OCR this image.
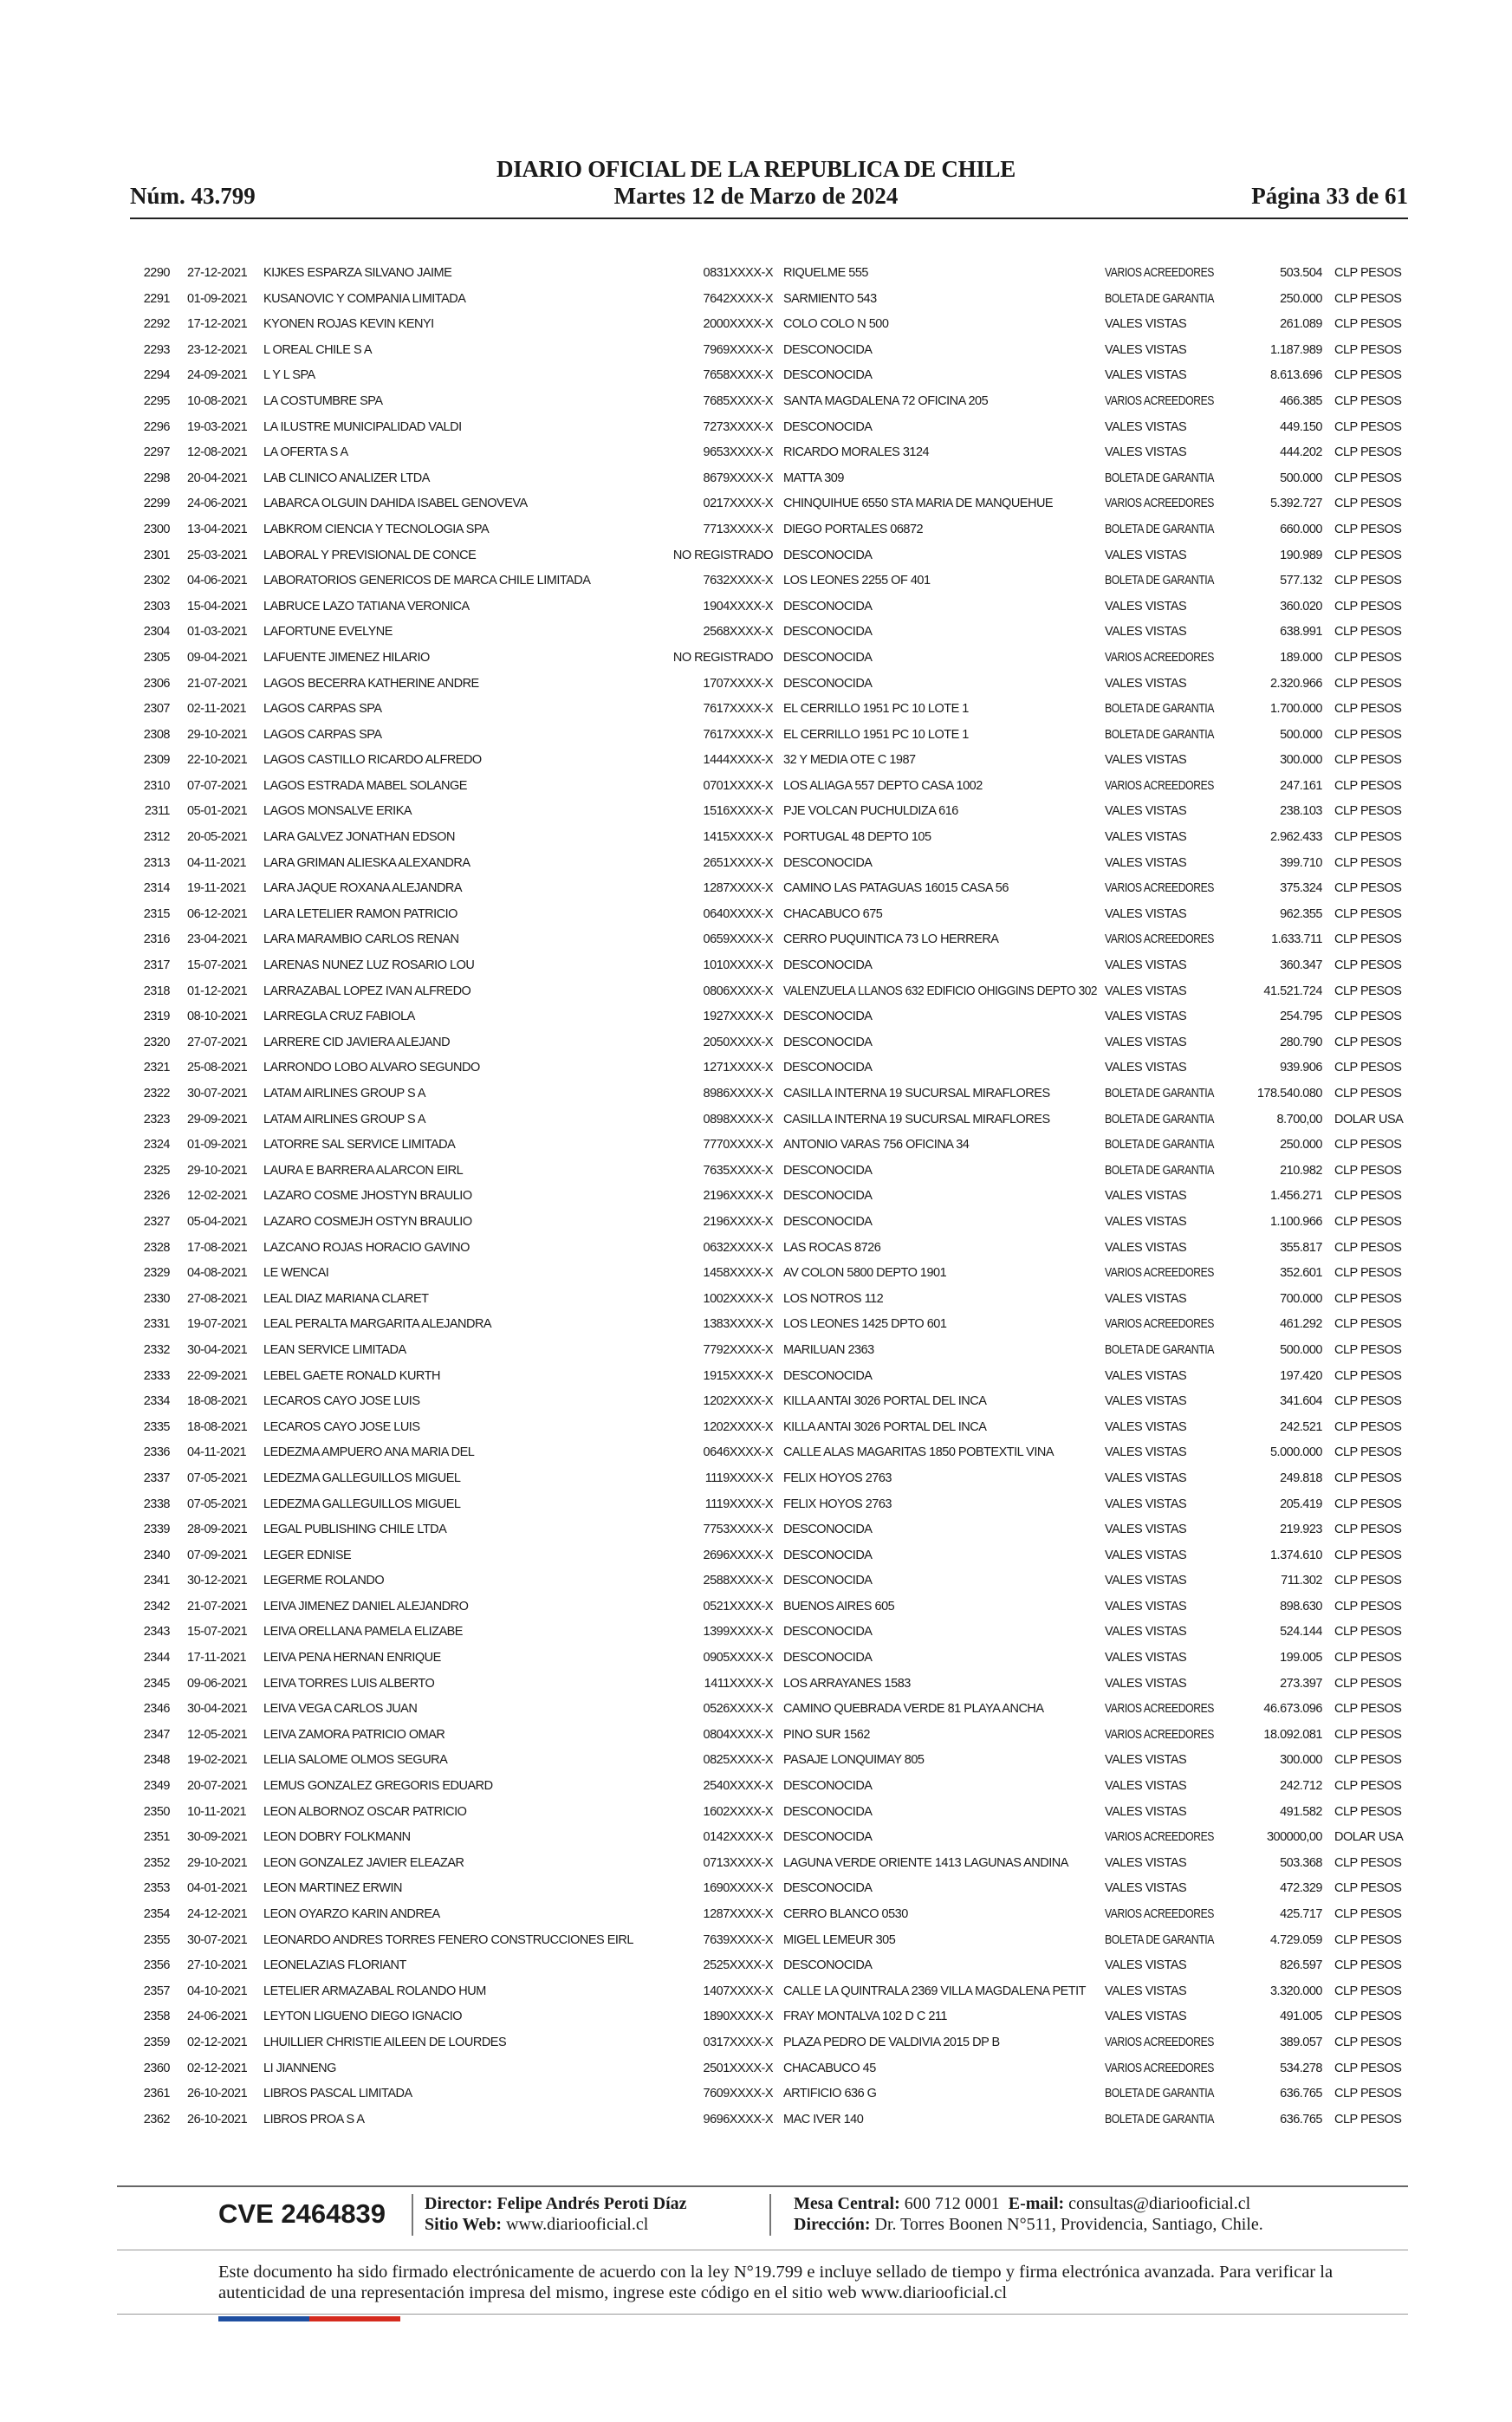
DIARIO OFICIAL DE LA REPUBLICA DE CHILE
Núm. 43.799	Martes 12 de Marzo de 2024	Página 33 de 61
2290 27-12-2021 KIJKES ESPARZA SILVANO JAIME	0831XXXX-X RIQUELME 555	VARIOS ACREEDORES	503.504 CLP PESOS
2291 01-09-2021 KUSANOVIC Y COMPANIA LIMITADA	7642XXXX-X SARMIENTO 543	BOLETA DE GARANTIA	250.000 CLP PESOS
2292 17-12-2021 KYONEN ROJAS KEVIN KENYI	2000XXXX-X COLO COLO N 500	VALES VISTAS	261.089 CLP PESOS
2293 23-12-2021 L OREAL CHILE S A	7969XXXX-X DESCONOCIDA	VALES VISTAS	1.187.989 CLP PESOS
2294 24-09-2021 L Y L SPA	7658XXXX-X DESCONOCIDA	VALES VISTAS	8.613.696 CLP PESOS
2295 10-08-2021 LA COSTUMBRE SPA	7685XXXX-X SANTA MAGDALENA 72 OFICINA 205	VARIOS ACREEDORES	466.385 CLP PESOS
2296 19-03-2021 LA ILUSTRE MUNICIPALIDAD VALDI	7273XXXX-X DESCONOCIDA	VALES VISTAS	449.150 CLP PESOS
2297 12-08-2021 LA OFERTA S A	9653XXXX-X RICARDO MORALES 3124	VALES VISTAS	444.202 CLP PESOS
2298 20-04-2021 LAB CLINICO ANALIZER LTDA	8679XXXX-X MATTA 309	BOLETA DE GARANTIA	500.000 CLP PESOS
2299 24-06-2021 LABARCA OLGUIN DAHIDA ISABEL GENOVEVA	0217XXXX-X CHINQUIHUE 6550 STA MARIA DE MANQUEHUE	VARIOS ACREEDORES	5.392.727 CLP PESOS
2300 13-04-2021 LABKROM CIENCIA Y TECNOLOGIA SPA	7713XXXX-X DIEGO PORTALES 06872	BOLETA DE GARANTIA	660.000 CLP PESOS
2301 25-03-2021 LABORAL Y PREVISIONAL DE CONCE	NO REGISTRADO DESCONOCIDA	VALES VISTAS	190.989 CLP PESOS
2302 04-06-2021 LABORATORIOS GENERICOS DE MARCA CHILE LIMITADA	7632XXXX-X LOS LEONES 2255 OF 401	BOLETA DE GARANTIA	577.132 CLP PESOS
2303 15-04-2021 LABRUCE LAZO TATIANA VERONICA	1904XXXX-X DESCONOCIDA	VALES VISTAS	360.020 CLP PESOS
2304 01-03-2021 LAFORTUNE EVELYNE	2568XXXX-X DESCONOCIDA	VALES VISTAS	638.991 CLP PESOS
2305 09-04-2021 LAFUENTE JIMENEZ HILARIO	NO REGISTRADO DESCONOCIDA	VARIOS ACREEDORES	189.000 CLP PESOS
2306 21-07-2021 LAGOS BECERRA KATHERINE ANDRE	1707XXXX-X DESCONOCIDA	VALES VISTAS	2.320.966 CLP PESOS
2307 02-11-2021 LAGOS CARPAS SPA	7617XXXX-X EL CERRILLO 1951 PC 10 LOTE 1	BOLETA DE GARANTIA	1.700.000 CLP PESOS
2308 29-10-2021 LAGOS CARPAS SPA	7617XXXX-X EL CERRILLO 1951 PC 10 LOTE 1	BOLETA DE GARANTIA	500.000 CLP PESOS
2309 22-10-2021 LAGOS CASTILLO RICARDO ALFREDO	1444XXXX-X 32 Y MEDIA OTE C 1987	VALES VISTAS	300.000 CLP PESOS
2310 07-07-2021 LAGOS ESTRADA MABEL SOLANGE	0701XXXX-X LOS ALIAGA 557 DEPTO CASA 1002	VARIOS ACREEDORES	247.161 CLP PESOS
2311 05-01-2021 LAGOS MONSALVE ERIKA	1516XXXX-X PJE VOLCAN PUCHULDIZA 616	VALES VISTAS	238.103 CLP PESOS
2312 20-05-2021 LARA GALVEZ JONATHAN EDSON	1415XXXX-X PORTUGAL 48 DEPTO 105	VALES VISTAS	2.962.433 CLP PESOS
2313 04-11-2021 LARA GRIMAN ALIESKA ALEXANDRA	2651XXXX-X DESCONOCIDA	VALES VISTAS	399.710 CLP PESOS
2314 19-11-2021 LARA JAQUE ROXANA ALEJANDRA	1287XXXX-X CAMINO LAS PATAGUAS 16015 CASA 56	VARIOS ACREEDORES	375.324 CLP PESOS
2315 06-12-2021 LARA LETELIER RAMON PATRICIO	0640XXXX-X CHACABUCO 675	VALES VISTAS	962.355 CLP PESOS
2316 23-04-2021 LARA MARAMBIO CARLOS RENAN	0659XXXX-X CERRO PUQUINTICA 73 LO HERRERA	VARIOS ACREEDORES	1.633.711 CLP PESOS
2317 15-07-2021 LARENAS NUNEZ LUZ ROSARIO LOU	1010XXXX-X DESCONOCIDA	VALES VISTAS	360.347 CLP PESOS
2318 01-12-2021 LARRAZABAL LOPEZ IVAN ALFREDO	0806XXXX-X VALENZUELA LLANOS 632 EDIFICIO OHIGGINS DEPTO 302 VALES VISTAS	41.521.724 CLP PESOS
2319 08-10-2021 LARREGLA CRUZ FABIOLA	1927XXXX-X DESCONOCIDA	VALES VISTAS	254.795 CLP PESOS
2320 27-07-2021 LARRERE CID JAVIERA ALEJAND	2050XXXX-X DESCONOCIDA	VALES VISTAS	280.790 CLP PESOS
2321 25-08-2021 LARRONDO LOBO ALVARO SEGUNDO	1271XXXX-X DESCONOCIDA	VALES VISTAS	939.906 CLP PESOS
2322 30-07-2021 LATAM AIRLINES GROUP S A	8986XXXX-X CASILLA INTERNA 19 SUCURSAL MIRAFLORES	BOLETA DE GARANTIA	178.540.080 CLP PESOS
2323 29-09-2021 LATAM AIRLINES GROUP S A	0898XXXX-X CASILLA INTERNA 19 SUCURSAL MIRAFLORES	BOLETA DE GARANTIA	8.700,00 DOLAR USA
2324 01-09-2021 LATORRE SAL SERVICE LIMITADA	7770XXXX-X ANTONIO VARAS 756 OFICINA 34	BOLETA DE GARANTIA	250.000 CLP PESOS
2325 29-10-2021 LAURA E BARRERA ALARCON EIRL	7635XXXX-X DESCONOCIDA	BOLETA DE GARANTIA	210.982 CLP PESOS
2326 12-02-2021 LAZARO COSME JHOSTYN BRAULIO	2196XXXX-X DESCONOCIDA	VALES VISTAS	1.456.271 CLP PESOS
2327 05-04-2021 LAZARO COSMEJH OSTYN BRAULIO	2196XXXX-X DESCONOCIDA	VALES VISTAS	1.100.966 CLP PESOS
2328 17-08-2021 LAZCANO ROJAS HORACIO GAVINO	0632XXXX-X LAS ROCAS 8726	VALES VISTAS	355.817 CLP PESOS
2329 04-08-2021 LE WENCAI	1458XXXX-X AV COLON 5800 DEPTO 1901	VARIOS ACREEDORES	352.601 CLP PESOS
2330 27-08-2021 LEAL DIAZ MARIANA CLARET	1002XXXX-X LOS NOTROS 112	VALES VISTAS	700.000 CLP PESOS
2331 19-07-2021 LEAL PERALTA MARGARITA ALEJANDRA	1383XXXX-X LOS LEONES 1425 DPTO 601	VARIOS ACREEDORES	461.292 CLP PESOS
2332 30-04-2021 LEAN SERVICE LIMITADA	7792XXXX-X MARILUAN 2363	BOLETA DE GARANTIA	500.000 CLP PESOS
2333 22-09-2021 LEBEL GAETE RONALD KURTH	1915XXXX-X DESCONOCIDA	VALES VISTAS	197.420 CLP PESOS
2334 18-08-2021 LECAROS CAYO JOSE LUIS	1202XXXX-X KILLA ANTAI 3026 PORTAL DEL INCA	VALES VISTAS	341.604 CLP PESOS
2335 18-08-2021 LECAROS CAYO JOSE LUIS	1202XXXX-X KILLA ANTAI 3026 PORTAL DEL INCA	VALES VISTAS	242.521 CLP PESOS
2336 04-11-2021 LEDEZMA AMPUERO ANA MARIA DEL	0646XXXX-X CALLE ALAS MAGARITAS 1850 POBTEXTIL VINA	VALES VISTAS	5.000.000 CLP PESOS
2337 07-05-2021 LEDEZMA GALLEGUILLOS MIGUEL	1119XXXX-X FELIX HOYOS 2763	VALES VISTAS	249.818 CLP PESOS
2338 07-05-2021 LEDEZMA GALLEGUILLOS MIGUEL	1119XXXX-X FELIX HOYOS 2763	VALES VISTAS	205.419 CLP PESOS
2339 28-09-2021 LEGAL PUBLISHING CHILE LTDA	7753XXXX-X DESCONOCIDA	VALES VISTAS	219.923 CLP PESOS
2340 07-09-2021 LEGER EDNISE	2696XXXX-X DESCONOCIDA	VALES VISTAS	1.374.610 CLP PESOS
2341 30-12-2021 LEGERME ROLANDO	2588XXXX-X DESCONOCIDA	VALES VISTAS	711.302 CLP PESOS
2342 21-07-2021 LEIVA JIMENEZ DANIEL ALEJANDRO	0521XXXX-X BUENOS AIRES 605	VALES VISTAS	898.630 CLP PESOS
2343 15-07-2021 LEIVA ORELLANA PAMELA ELIZABE	1399XXXX-X DESCONOCIDA	VALES VISTAS	524.144 CLP PESOS
2344 17-11-2021 LEIVA PENA HERNAN ENRIQUE	0905XXXX-X DESCONOCIDA	VALES VISTAS	199.005 CLP PESOS
2345 09-06-2021 LEIVA TORRES LUIS ALBERTO	1411XXXX-X LOS ARRAYANES 1583	VALES VISTAS	273.397 CLP PESOS
2346 30-04-2021 LEIVA VEGA CARLOS JUAN	0526XXXX-X CAMINO QUEBRADA VERDE 81 PLAYA ANCHA	VARIOS ACREEDORES	46.673.096 CLP PESOS
2347 12-05-2021 LEIVA ZAMORA PATRICIO OMAR	0804XXXX-X PINO SUR 1562	VARIOS ACREEDORES	18.092.081 CLP PESOS
2348 19-02-2021 LELIA SALOME OLMOS SEGURA	0825XXXX-X PASAJE LONQUIMAY 805	VALES VISTAS	300.000 CLP PESOS
2349 20-07-2021 LEMUS GONZALEZ GREGORIS EDUARD	2540XXXX-X DESCONOCIDA	VALES VISTAS	242.712 CLP PESOS
2350 10-11-2021 LEON ALBORNOZ OSCAR PATRICIO	1602XXXX-X DESCONOCIDA	VALES VISTAS	491.582 CLP PESOS
2351 30-09-2021 LEON DOBRY FOLKMANN	0142XXXX-X DESCONOCIDA	VARIOS ACREEDORES	300000,00 DOLAR USA
2352 29-10-2021 LEON GONZALEZ JAVIER ELEAZAR	0713XXXX-X LAGUNA VERDE ORIENTE 1413 LAGUNAS ANDINA	VALES VISTAS	503.368 CLP PESOS
2353 04-01-2021 LEON MARTINEZ ERWIN	1690XXXX-X DESCONOCIDA	VALES VISTAS	472.329 CLP PESOS
2354 24-12-2021 LEON OYARZO KARIN ANDREA	1287XXXX-X CERRO BLANCO 0530	VARIOS ACREEDORES	425.717 CLP PESOS
2355 30-07-2021 LEONARDO ANDRES TORRES FENERO CONSTRUCCIONES EIRL	7639XXXX-X MIGEL LEMEUR 305	BOLETA DE GARANTIA	4.729.059 CLP PESOS
2356 27-10-2021 LEONELAZIAS FLORIANT	2525XXXX-X DESCONOCIDA	VALES VISTAS	826.597 CLP PESOS
2357 04-10-2021 LETELIER ARMAZABAL ROLANDO HUM	1407XXXX-X CALLE LA QUINTRALA 2369 VILLA MAGDALENA PETIT VALES VISTAS	3.320.000 CLP PESOS
2358 24-06-2021 LEYTON LIGUENO DIEGO IGNACIO	1890XXXX-X FRAY MONTALVA 102 D C 211	VALES VISTAS	491.005 CLP PESOS
2359 02-12-2021 LHUILLIER CHRISTIE AILEEN DE LOURDES	0317XXXX-X PLAZA PEDRO DE VALDIVIA 2015 DP B	VARIOS ACREEDORES	389.057 CLP PESOS
2360 02-12-2021 LI JIANNENG	2501XXXX-X CHACABUCO 45	VARIOS ACREEDORES	534.278 CLP PESOS
2361 26-10-2021 LIBROS PASCAL LIMITADA	7609XXXX-X ARTIFICIO 636 G	BOLETA DE GARANTIA	636.765 CLP PESOS
2362 26-10-2021 LIBROS PROA S A	9696XXXX-X MAC IVER 140	BOLETA DE GARANTIA	636.765 CLP PESOS
CVE 2464839 Director: Felipe Andrés Peroti Díaz
Sitio Web: www.diariooficial.cl
Mesa Central: 600 712 0001 E-mail: consultas@diariooficial.cl
Dirección: Dr. Torres Boonen N°511, Providencia, Santiago, Chile.
Este documento ha sido firmado electrónicamente de acuerdo con la ley N°19.799 e incluye sellado de tiempo y firma electrónica avanzada. Para verificar la autenticidad de una representación impresa del mismo, ingrese este código en el sitio web www.diariooficial.cl
